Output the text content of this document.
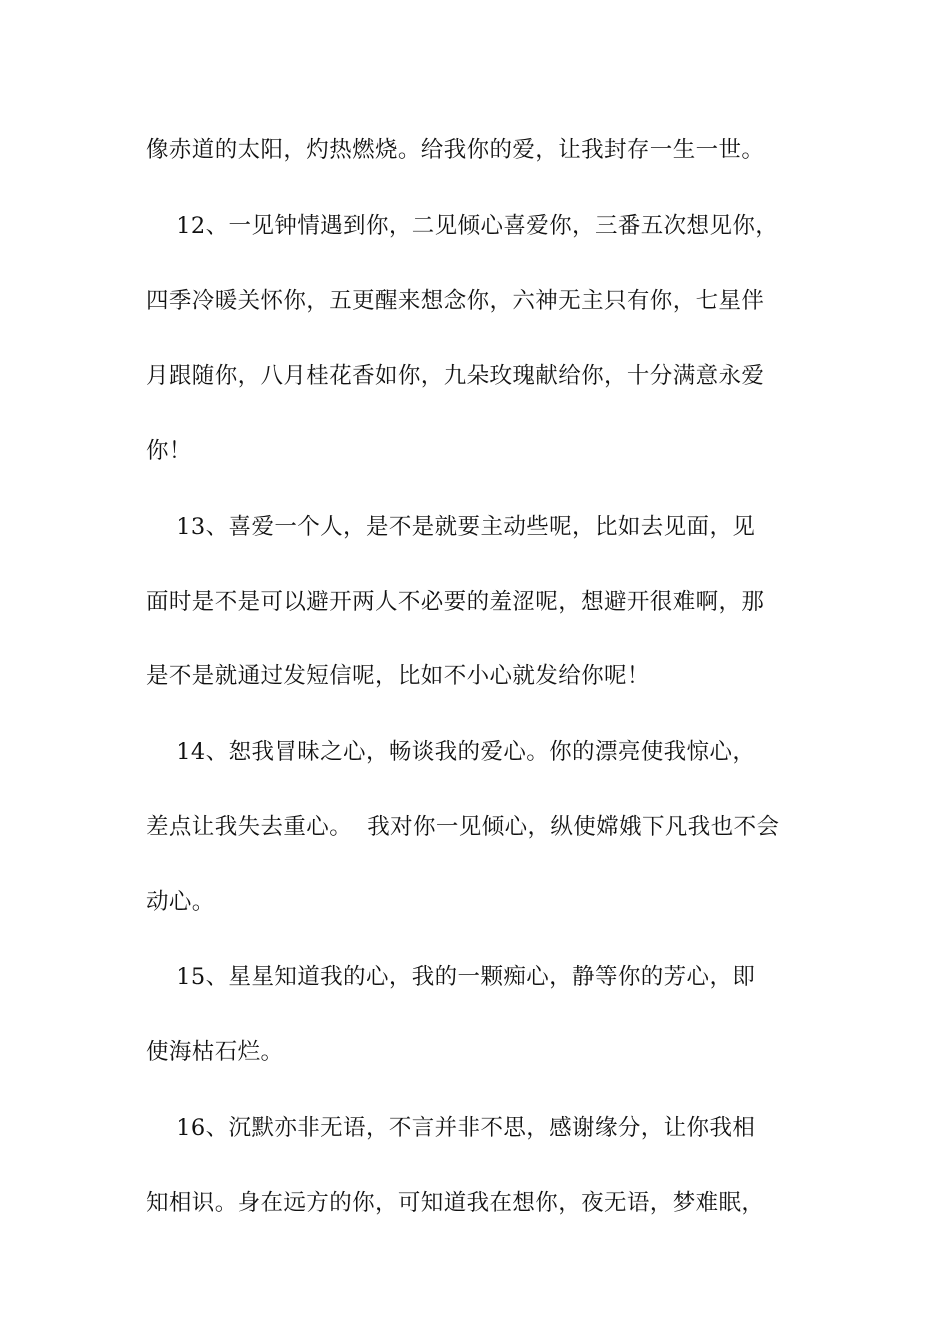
像赤道的太阳，灼热燃烧。给我你的爱，让我封存一生一世。
12、一见钟情遇到你，二见倾心喜爱你，三番五次想见你，
四季冷暖关怀你，五更醒来想念你，六神无主只有你，七星伴
月跟随你，八月桂花香如你，九朵玫瑰献给你，十分满意永爱
你！
13、喜爱一个人，是不是就要主动些呢，比如去见面，见
面时是不是可以避开两人不必要的羞涩呢，想避开很难啊，那
是不是就通过发短信呢，比如不小心就发给你呢！
14、恕我冒昧之心，畅谈我的爱心。你的漂亮使我惊心，
差点让我失去重心。  我对你一见倾心，纵使嫦娥下凡我也不会
动心。
15、星星知道我的心，我的一颗痴心，静等你的芳心，即
使海枯石烂。
16、沉默亦非无语，不言并非不思，感谢缘分，让你我相
知相识。身在远方的你，可知道我在想你，夜无语，梦难眠，
